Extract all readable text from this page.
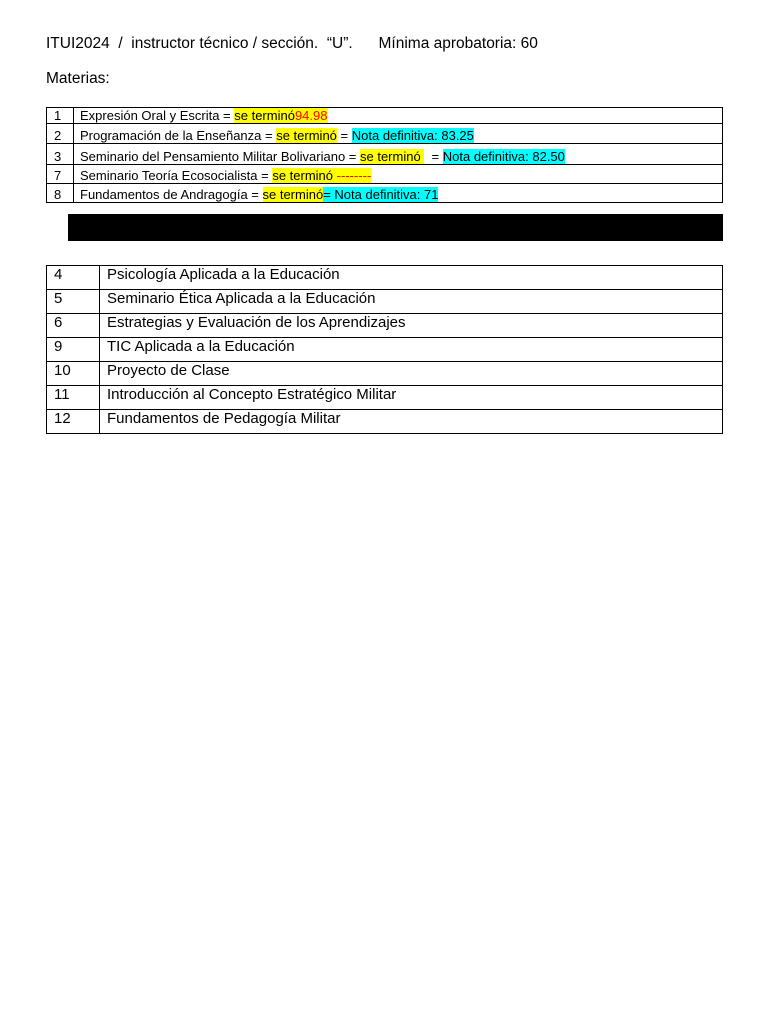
ITUI2024  /  instructor técnico / sección.  “U”.      Mínima aprobatoria: 60
Materias:
1	Expresión Oral y Escrita = se terminó94.98
2	Programación de la Enseñanza = se terminó = Nota definitiva: 83.25
3	Seminario del Pensamiento Militar Bolivariano = se terminó   = Nota definitiva: 82.50
7	Seminario Teoría Ecosocialista = se terminó --------
8	Fundamentos de Andragogía = se terminó= Nota definitiva: 71
4	Psicología Aplicada a la Educación
5	Seminario Ética Aplicada a la Educación
6	Estrategias y Evaluación de los Aprendizajes
9	TIC Aplicada a la Educación
10	Proyecto de Clase
11	Introducción al Concepto Estratégico Militar
12	Fundamentos de Pedagogía Militar
